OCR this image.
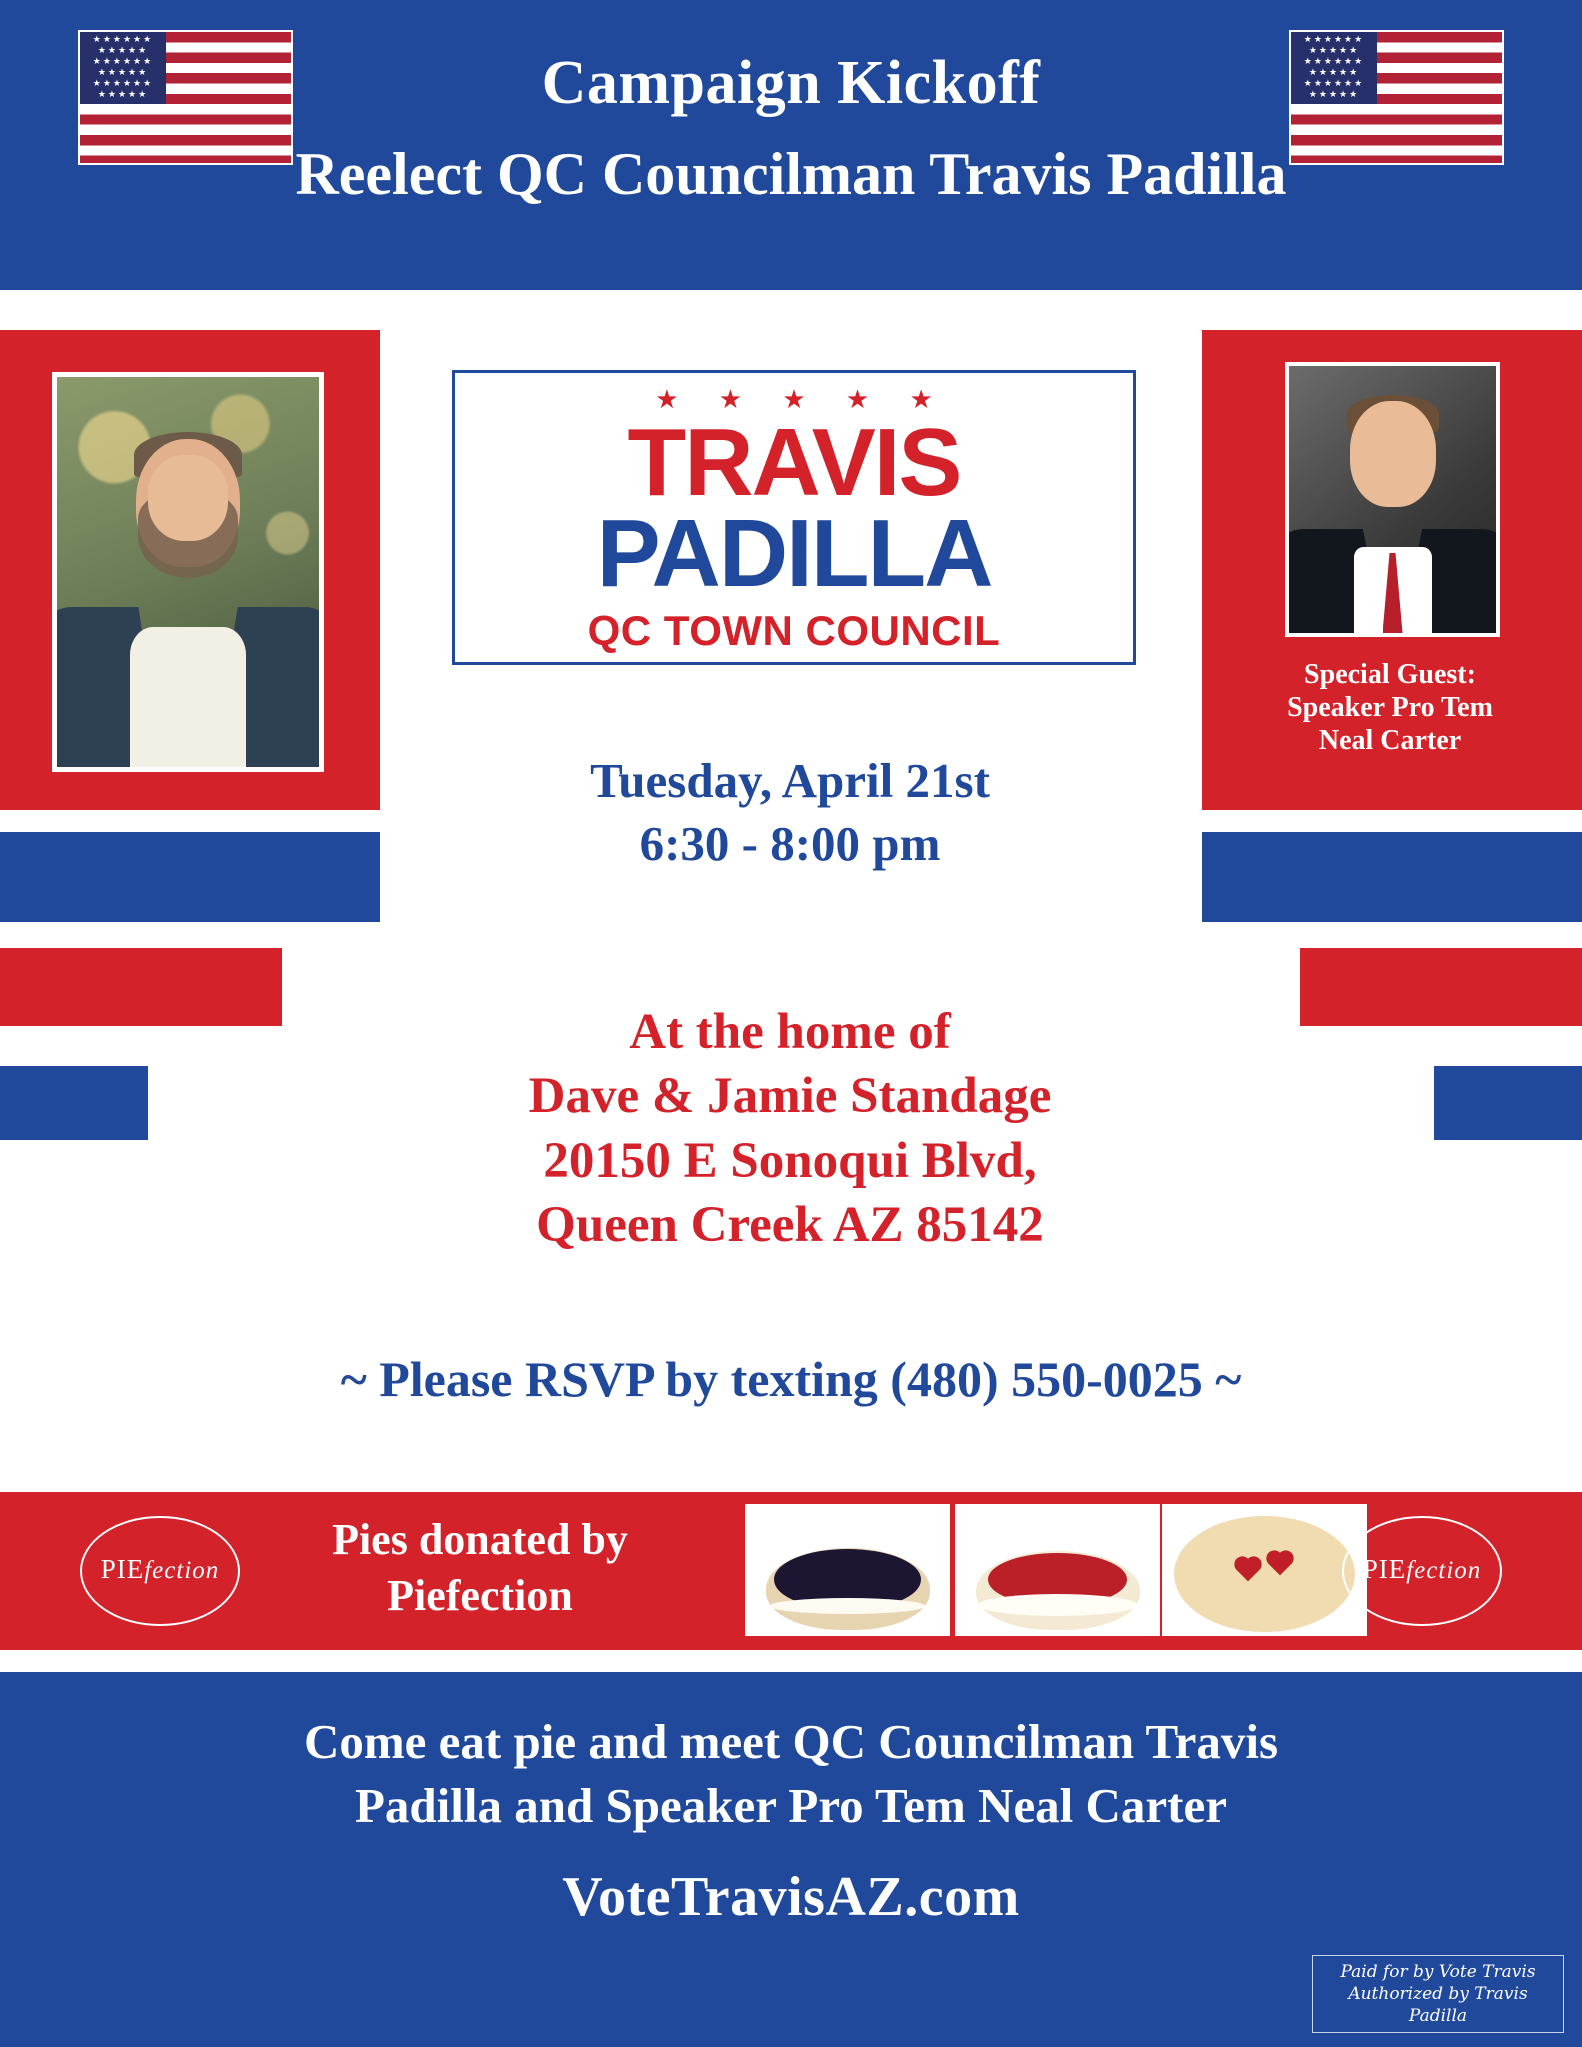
★★★★★★
★★★★★
★★★★★★
★★★★★
★★★★★★
★★★★★	Campaign Kickoff
Reelect QC Councilman Travis Padilla
★★★★★★
★★★★★
★★★★★★
★★★★★
★★★★★★
★★★★★
Special Guest:
Speaker Pro Tem
Neal Carter
★ ★ ★ ★ ★
TRAVIS
PADILLA
QC TOWN COUNCIL
Tuesday, April 21st
6:30 - 8:00 pm
At the home of
Dave & Jamie Standage
20150 E Sonoqui Blvd,
Queen Creek AZ 85142
~ Please RSVP by texting (480) 550-0025 ~
PIEfection
Pies donated by
Piefection
PIEfection
Come eat pie and meet QC Councilman Travis
Padilla and Speaker Pro Tem Neal Carter
VoteTravisAZ.com
Paid for by Vote Travis
Authorized by Travis Padilla
